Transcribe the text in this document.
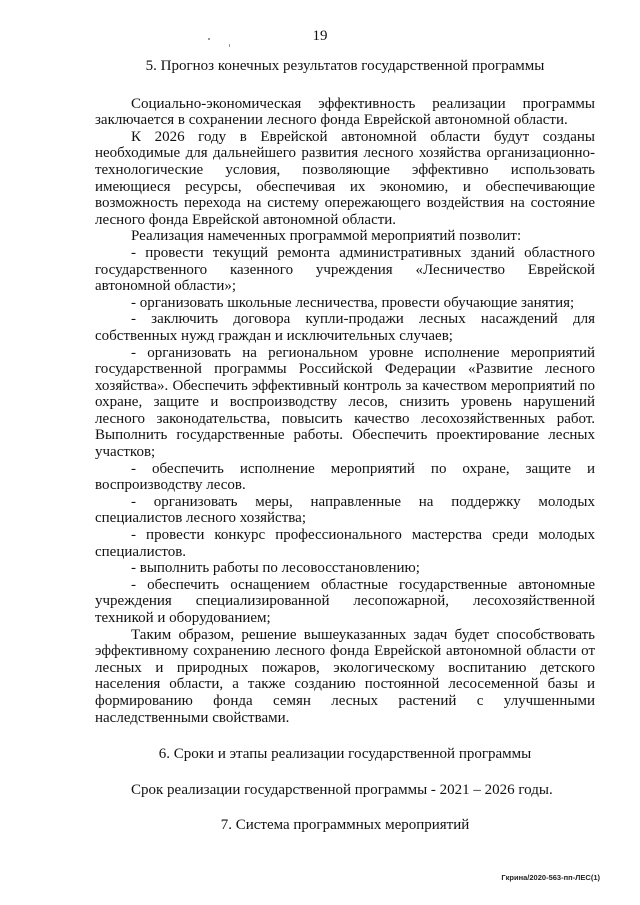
19

5. Прогноз конечных результатов государственной программы

Социально-экономическая эффективность реализации программы заключается в сохранении лесного фонда Еврейской автономной области.

К 2026 году в Еврейской автономной области будут созданы необходимые для дальнейшего развития лесного хозяйства организационно-технологические условия, позволяющие эффективно использовать имеющиеся ресурсы, обеспечивая их экономию, и обеспечивающие возможность перехода на систему опережающего воздействия на состояние лесного фонда Еврейской автономной области.

Реализация намеченных программой мероприятий позволит:

- провести текущий ремонта административных зданий областного государственного казенного учреждения «Лесничество Еврейской автономной области»;

- организовать школьные лесничества, провести обучающие занятия;

- заключить договора купли-продажи лесных насаждений для собственных нужд граждан и исключительных случаев;

- организовать на региональном уровне исполнение мероприятий государственной программы Российской Федерации «Развитие лесного хозяйства». Обеспечить эффективный контроль за качеством мероприятий по охране, защите и воспроизводству лесов, снизить уровень нарушений лесного законодательства, повысить качество лесохозяйственных работ. Выполнить государственные работы. Обеспечить проектирование лесных участков;

- обеспечить исполнение мероприятий по охране, защите и воспроизводству лесов.

- организовать меры, направленные на поддержку молодых специалистов лесного хозяйства;

- провести конкурс профессионального мастерства среди молодых специалистов.

- выполнить работы по лесовосстановлению;

- обеспечить оснащением областные государственные автономные учреждения специализированной лесопожарной, лесохозяйственной техникой и оборудованием;

Таким образом, решение вышеуказанных задач будет способствовать эффективному сохранению лесного фонда Еврейской автономной области от лесных и природных пожаров, экологическому воспитанию детского населения области, а также созданию постоянной лесосеменной базы и формированию фонда семян лесных растений с улучшенными наследственными свойствами.

6. Сроки и этапы реализации государственной программы

Срок реализации государственной программы - 2021 – 2026 годы.

7. Система программных мероприятий

Гкрина/2020-563-пп-ЛЕС(1)
